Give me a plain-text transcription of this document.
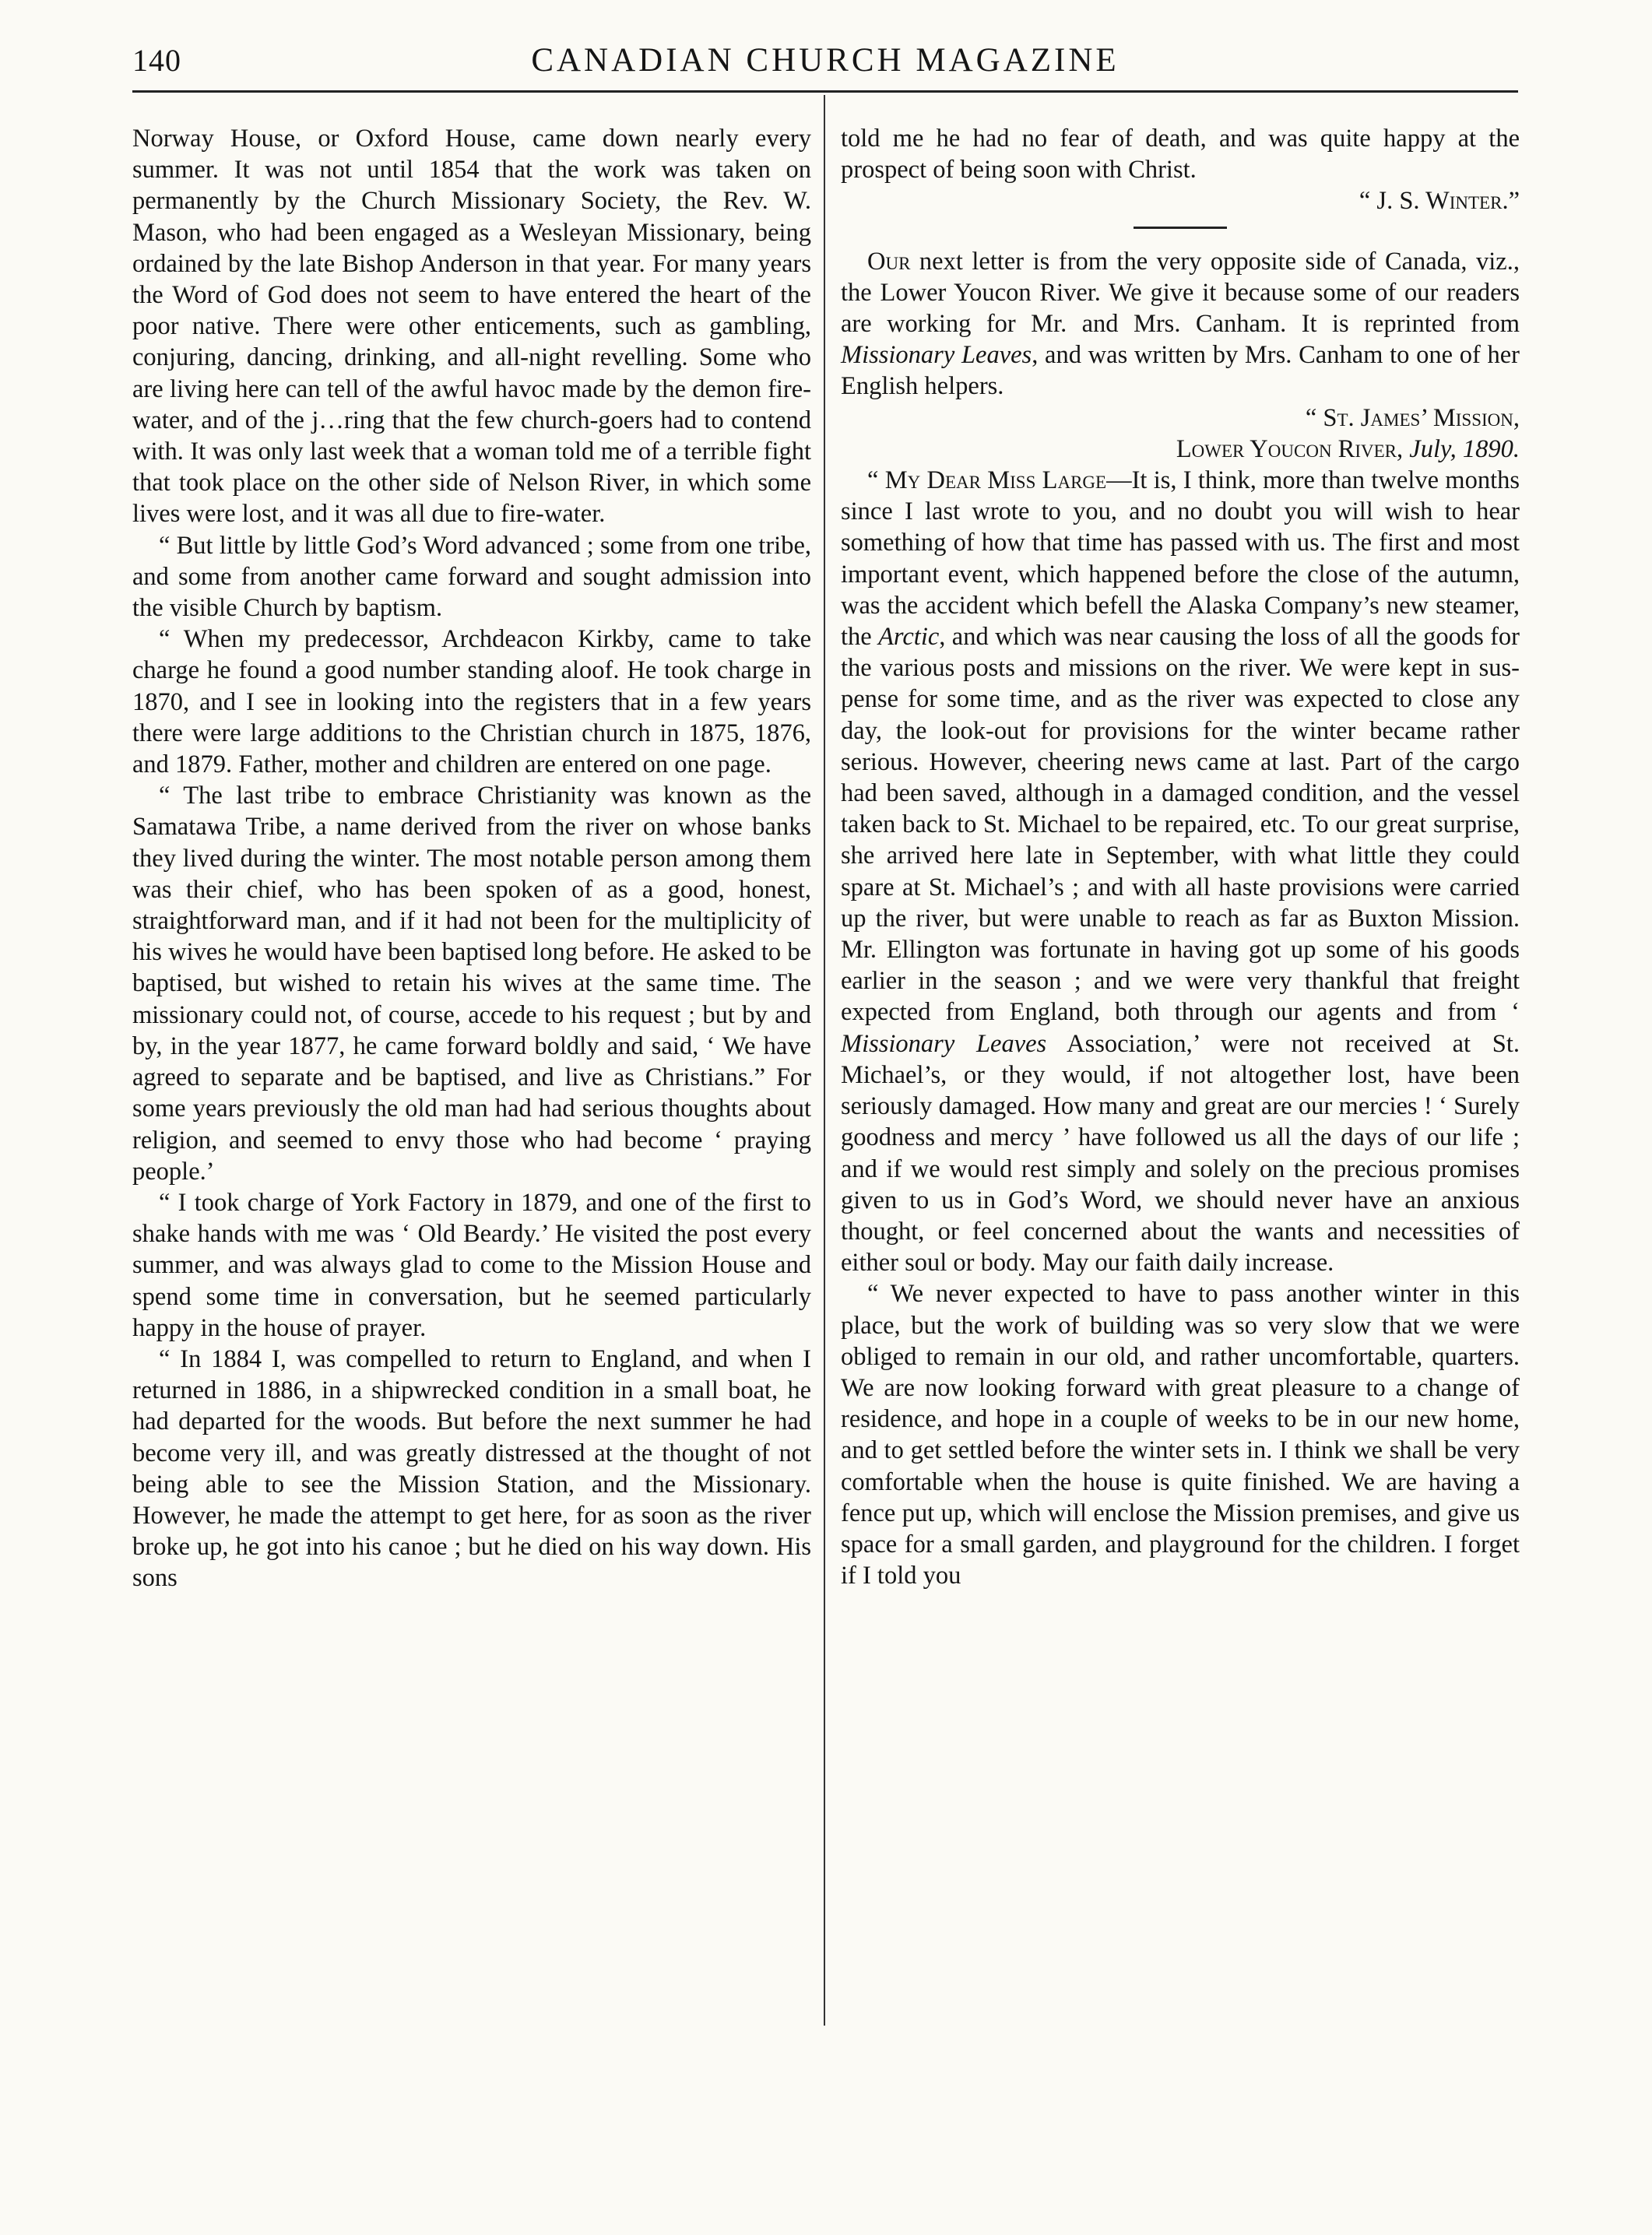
140	CANADIAN CHURCH MAGAZINE

Norway House, or Oxford House, came down nearly every summer. It was not until 1854 that the work was taken on permanently by the Church Missionary Society, the Rev. W. Mason, who had been engaged as a Wesleyan Missionary, being ordained by the late Bishop Anderson in that year. For many years the Word of God does not seem to have entered the heart of the poor native. There were other enticements, such as gambling, conjuring, dancing, drinking, and all-night revelling. Some who are living here can tell of the awful havoc made by the demon fire-water, and of the j…ring that the few church-goers had to contend with. It was only last week that a woman told me of a terrible fight that took place on the other side of Nelson River, in which some lives were lost, and it was all due to fire-water.

“ But little by little God’s Word advanced ; some from one tribe, and some from another came forward and sought admission into the visible Church by baptism.

“ When my predecessor, Archdeacon Kirkby, came to take charge he found a good number standing aloof. He took charge in 1870, and I see in looking into the registers that in a few years there were large additions to the Christian church in 1875, 1876, and 1879. Father, mother and children are entered on one page.

“ The last tribe to embrace Christianity was known as the Samatawa Tribe, a name derived from the river on whose banks they lived during the winter. The most notable person among them was their chief, who has been spoken of as a good, honest, straightforward man, and if it had not been for the multiplicity of his wives he would have been baptised long before. He asked to be baptised, but wished to retain his wives at the same time. The missionary could not, of course, accede to his request ; but by and by, in the year 1877, he came forward boldly and said, ‘ We have agreed to separate and be baptised, and live as Christians.” For some years previously the old man had had serious thoughts about religion, and seemed to envy those who had become ‘ praying people.’

“ I took charge of York Factory in 1879, and one of the first to shake hands with me was ‘ Old Beardy.’ He visited the post every summer, and was always glad to come to the Mission House and spend some time in conversation, but he seemed particularly happy in the house of prayer.

“ In 1884 I, was compelled to return to England, and when I returned in 1886, in a shipwrecked condition in a small boat, he had departed for the woods. But before the next summer he had become very ill, and was greatly distressed at the thought of not being able to see the Mission Station, and the Missionary. However, he made the attempt to get here, for as soon as the river broke up, he got into his canoe ; but he died on his way down. His sons

told me he had no fear of death, and was quite happy at the prospect of being soon with Christ.

“ J. S. Winter.”

Our next letter is from the very opposite side of Canada, viz., the Lower Youcon River. We give it because some of our readers are working for Mr. and Mrs. Canham. It is reprinted from Missionary Leaves, and was written by Mrs. Canham to one of her English helpers.

“ St. James’ Mission,

Lower Youcon River, July, 1890.

“ My Dear Miss Large—It is, I think, more than twelve months since I last wrote to you, and no doubt you will wish to hear something of how that time has passed with us. The first and most important event, which happened before the close of the autumn, was the accident which befell the Alaska Company’s new steamer, the Arctic, and which was near causing the loss of all the goods for the various posts and missions on the river. We were kept in suspense for some time, and as the river was expected to close any day, the look-out for provisions for the winter became rather serious. However, cheering news came at last. Part of the cargo had been saved, although in a damaged condition, and the vessel taken back to St. Michael to be repaired, etc. To our great surprise, she arrived here late in September, with what little they could spare at St. Michael’s ; and with all haste provisions were carried up the river, but were unable to reach as far as Buxton Mission. Mr. Ellington was fortunate in having got up some of his goods earlier in the season ; and we were very thankful that freight expected from England, both through our agents and from ‘ Missionary Leaves Association,’ were not received at St. Michael’s, or they would, if not altogether lost, have been seriously damaged. How many and great are our mercies ! ‘ Surely goodness and mercy ’ have followed us all the days of our life ; and if we would rest simply and solely on the precious promises given to us in God’s Word, we should never have an anxious thought, or feel concerned about the wants and necessities of either soul or body. May our faith daily increase.

“ We never expected to have to pass another winter in this place, but the work of building was so very slow that we were obliged to remain in our old, and rather uncomfortable, quarters. We are now looking forward with great pleasure to a change of residence, and hope in a couple of weeks to be in our new home, and to get settled before the winter sets in. I think we shall be very comfortable when the house is quite finished. We are having a fence put up, which will enclose the Mission premises, and give us space for a small garden, and playground for the children. I forget if I told you
